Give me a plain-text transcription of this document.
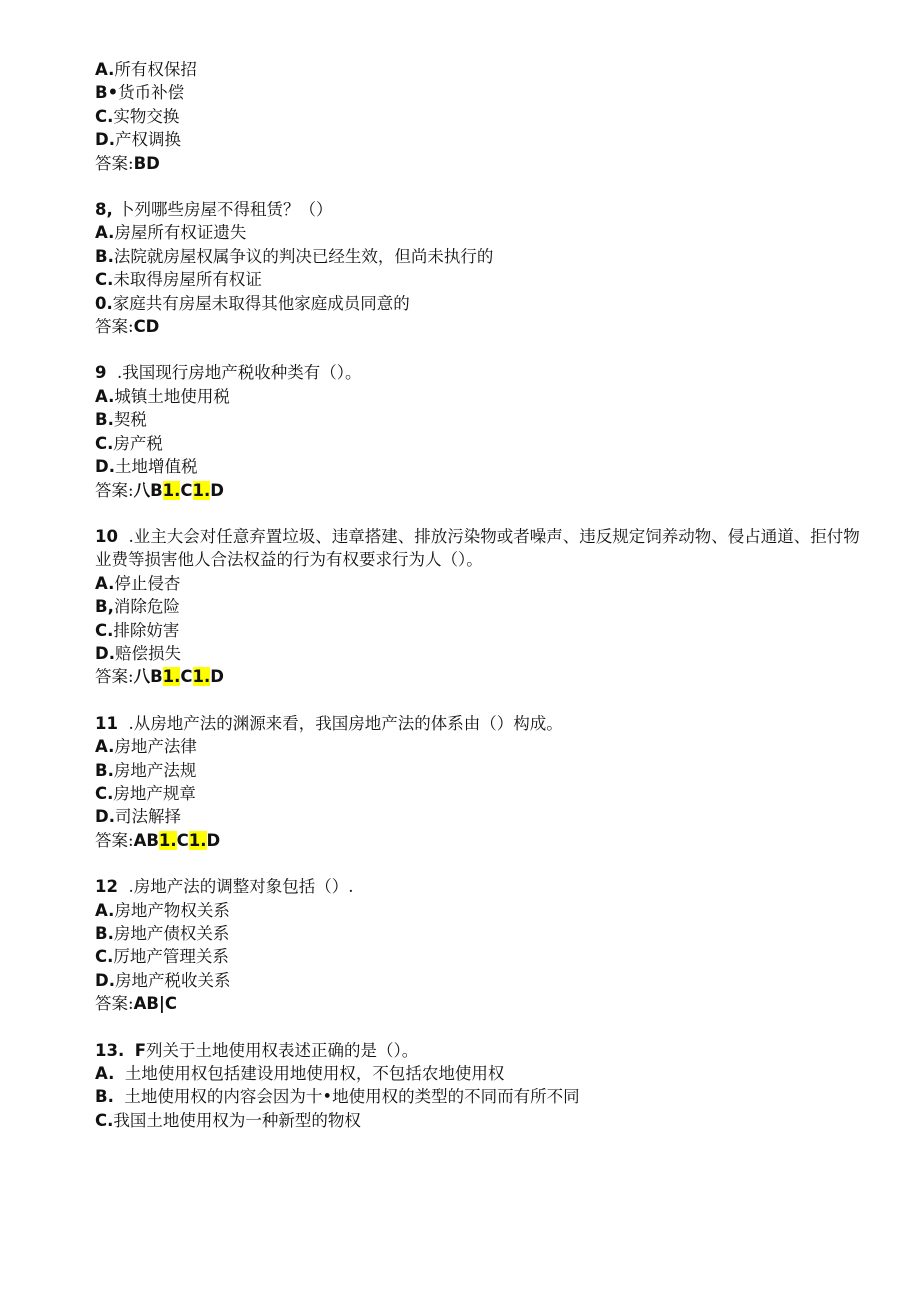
A.所有权保招
B•货币补偿
C.实物交换
D.产权调换
答案:BD
8, 卜列哪些房屋不得租赁？（）
A.房屋所有权证遗失
B.法院就房屋权属争议的判决已经生效，但尚未执行的
C.未取得房屋所有权证
0.家庭共有房屋未取得其他家庭成员同意的
答案:CD
9 .我国现行房地产税收种类有（）。
A.城镇土地使用税
B.契税
C.房产税
D.土地增值税
答案:八B1.C1.D
10 .业主大会对任意弃置垃圾、违章搭建、排放污染物或者噪声、违反规定饲养动物、侵占通道、拒付物业费等损害他人合法权益的行为有权要求行为人（）。
A.停止侵杏
B,消除危险
C.排除妨害
D.赔偿损失
答案:八B1.C1.D
11 .从房地产法的渊源来看，我国房地产法的体系由（）构成。
A.房地产法律
B.房地产法规
C.房地产规章
D.司法解择
答案:AB1.C1.D
12 .房地产法的调整对象包括（）.
A.房地产物权关系
B.房地产债权关系
C.厉地产管理关系
D.房地产税收关系
答案:AB|C
13. F列关于土地使用权表述正确的是（）。
A. 土地使用权包括建设用地使用权，不包括农地使用权
B. 土地使用权的内容会因为十•地使用权的类型的不同而有所不同
C.我国土地使用权为一种新型的物权
